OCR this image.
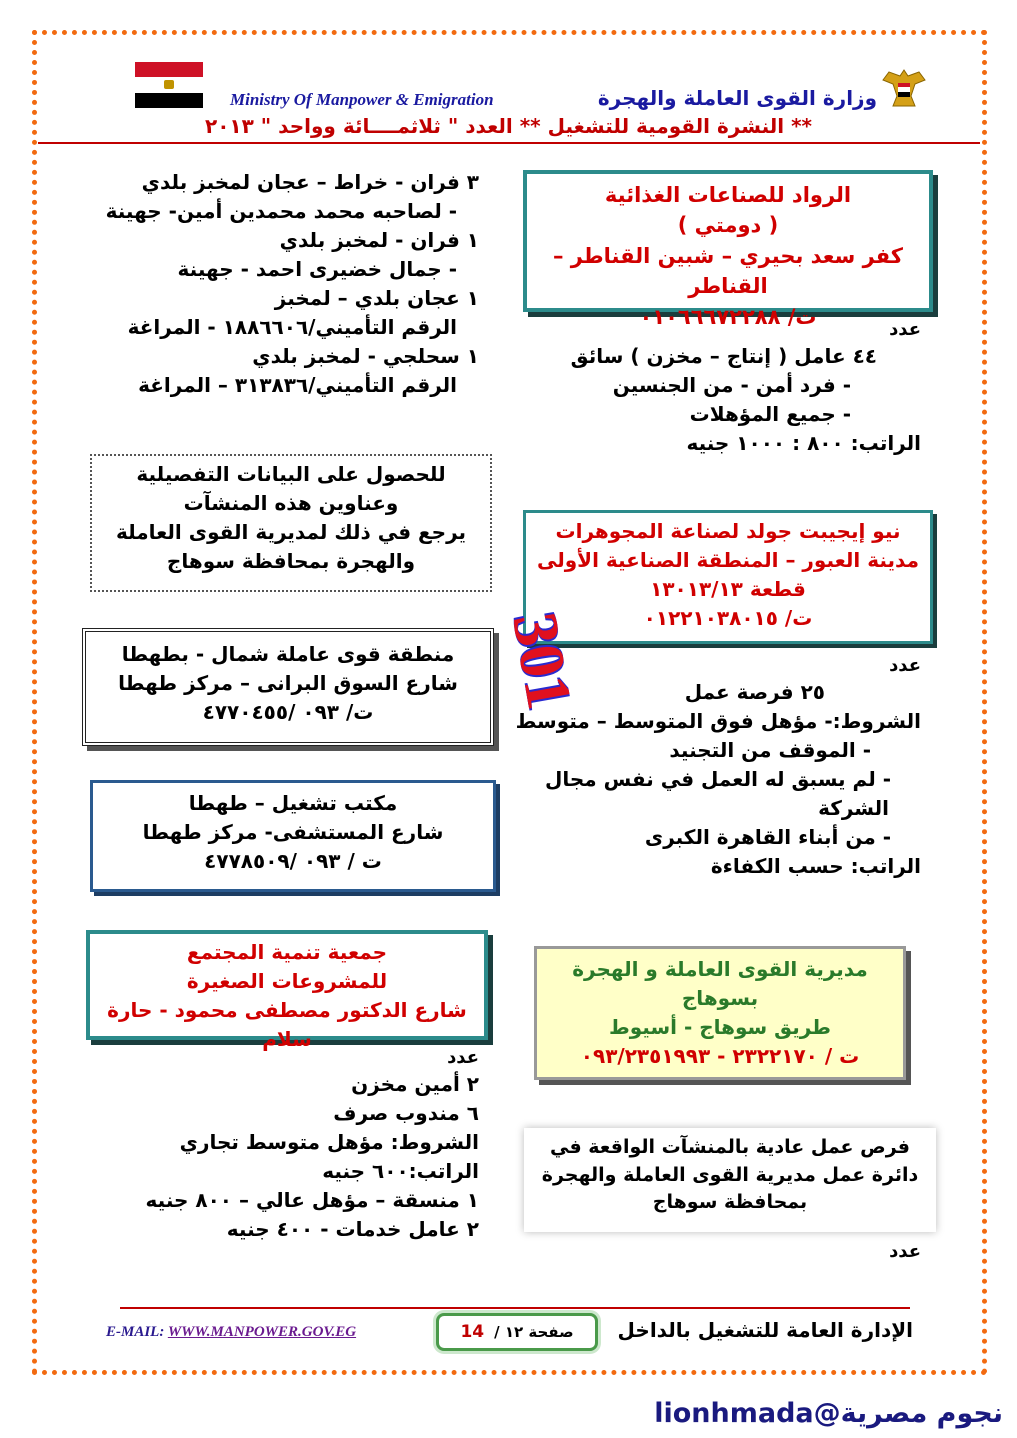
وزارة القوى العاملة والهجرة
Ministry Of Manpower & Emigration
** النشرة القومية للتشغيل ** العدد " ثلاثمــــائة وواحد " ٢٠١٣
الرواد للصناعات الغذائية
( دومتي )
كفر سعد بحيري – شبين القناطر – القناطر
ت/ ٠١٠٦٦٦٧٢٢٨٨
عدد
٤٤ عامل ( إنتاج – مخزن ) سائق
- فرد أمن - من الجنسين
- جميع المؤهلات
الراتب: ٨٠٠ : ١٠٠٠ جنيه
٣ فران - خراط – عجان لمخبز بلدي
- لصاحبه محمد محمدين أمين- جهينة
١ فران - لمخبز بلدي
- جمال خضيرى احمد - جهينة
١ عجان بلدي – لمخبز
الرقم التأميني/١٨٨٦٦٠٦ - المراغة
١ سحلجي - لمخبز بلدي
الرقم التأميني/٣١٣٨٣٦ – المراغة
للحصول على البيانات التفصيلية
وعناوين هذه المنشآت
يرجع في ذلك لمديرية القوى العاملة
والهجرة بمحافظة سوهاج
نيو إيجيبت جولد لصناعة المجوهرات
مدينة العبور – المنطقة الصناعية الأولى
قطعة ١٣٠١٣/١٣
ت/ ٠١٢٢١٠٣٨٠١٥
عدد
٢٥ فرصة عمل
الشروط:- مؤهل فوق المتوسط – متوسط
- الموقف من التجنيد
- لم يسبق له العمل في نفس مجال
الشركة
- من أبناء القاهرة الكبرى
الراتب: حسب الكفاءة
301
منطقة قوى عاملة شمال - بطهطا
شارع السوق البرانى – مركز طهطا
ت/ ٠٩٣ /٤٧٧٠٤٥٥
مكتب تشغيل – طهطا
شارع المستشفى- مركز طهطا
ت / ٠٩٣ /٤٧٧٨٥٠٩
جمعية تنمية المجتمع
للمشروعات الصغيرة
شارع الدكتور مصطفى محمود - حارة سلام
عدد
٢ أمين مخزن
٦ مندوب صرف
الشروط: مؤهل متوسط تجاري
الراتب:٦٠٠ جنيه
١ منسقة – مؤهل عالي – ٨٠٠ جنيه
٢ عامل خدمات - ٤٠٠ جنيه
مديرية القوى العاملة و الهجرة
بسوهاج
طريق سوهاج - أسيوط
ت / ٢٣٢٢١٧٠ - ٠٩٣/٢٣٥١٩٩٣
فرص عمل عادية بالمنشآت الواقعة في
دائرة عمل مديرية القوى العاملة والهجرة
بمحافظة سوهاج
عدد
الإدارة العامة للتشغيل بالداخل
صفحة ١٢ /
14
E-MAIL: WWW.MANPOWER.GOV.EG
نجوم مصرية@lionhmada
